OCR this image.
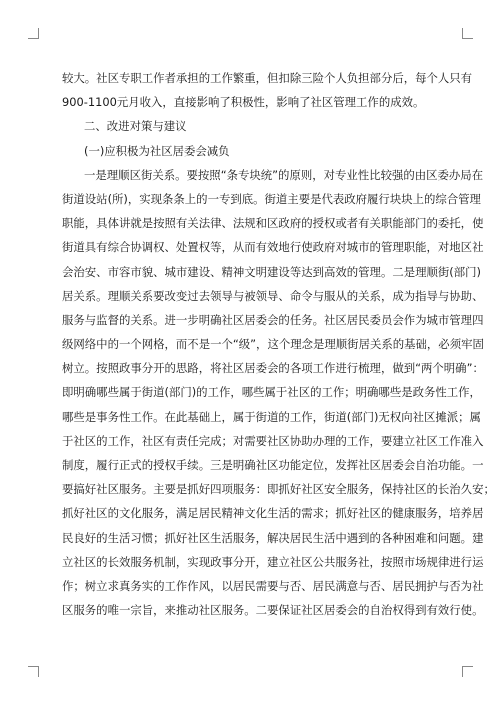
较大。社区专职工作者承担的工作繁重，但扣除三险个人负担部分后，每个人只有
900-1100元月收入，直接影响了积极性，影响了社区管理工作的成效。
二、改进对策与建议
(一)应积极为社区居委会减负
一是理顺区街关系。要按照“条专块统”的原则，对专业性比较强的由区委办局在
街道设站(所)，实现条条上的一专到底。街道主要是代表政府履行块块上的综合管理
职能，具体讲就是按照有关法律、法规和区政府的授权或者有关职能部门的委托，使
街道具有综合协调权、处置权等，从而有效地行使政府对城市的管理职能，对地区社
会治安、市容市貌、城市建设、精神文明建设等达到高效的管理。二是理顺街(部门)
居关系。理顺关系要改变过去领导与被领导、命令与服从的关系，成为指导与协助、
服务与监督的关系。进一步明确社区居委会的任务。社区居民委员会作为城市管理四
级网络中的一个网格，而不是一个“级”，这个理念是理顺街居关系的基础，必须牢固
树立。按照政事分开的思路，将社区居委会的各项工作进行梳理，做到“两个明确”：
即明确哪些属于街道(部门)的工作，哪些属于社区的工作；明确哪些是政务性工作，
哪些是事务性工作。在此基础上，属于街道的工作，街道(部门)无权向社区摊派；属
于社区的工作，社区有责任完成；对需要社区协助办理的工作，要建立社区工作准入
制度，履行正式的授权手续。三是明确社区功能定位，发挥社区居委会自治功能。一
要搞好社区服务。主要是抓好四项服务：即抓好社区安全服务，保持社区的长治久安；
抓好社区的文化服务，满足居民精神文化生活的需求；抓好社区的健康服务，培养居
民良好的生活习惯；抓好社区生活服务，解决居民生活中遇到的各种困难和问题。建
立社区的长效服务机制，实现政事分开，建立社区公共服务社，按照市场规律进行运
作；树立求真务实的工作作风，以居民需要与否、居民满意与否、居民拥护与否为社
区服务的唯一宗旨，来推动社区服务。二要保证社区居委会的自治权得到有效行使。
